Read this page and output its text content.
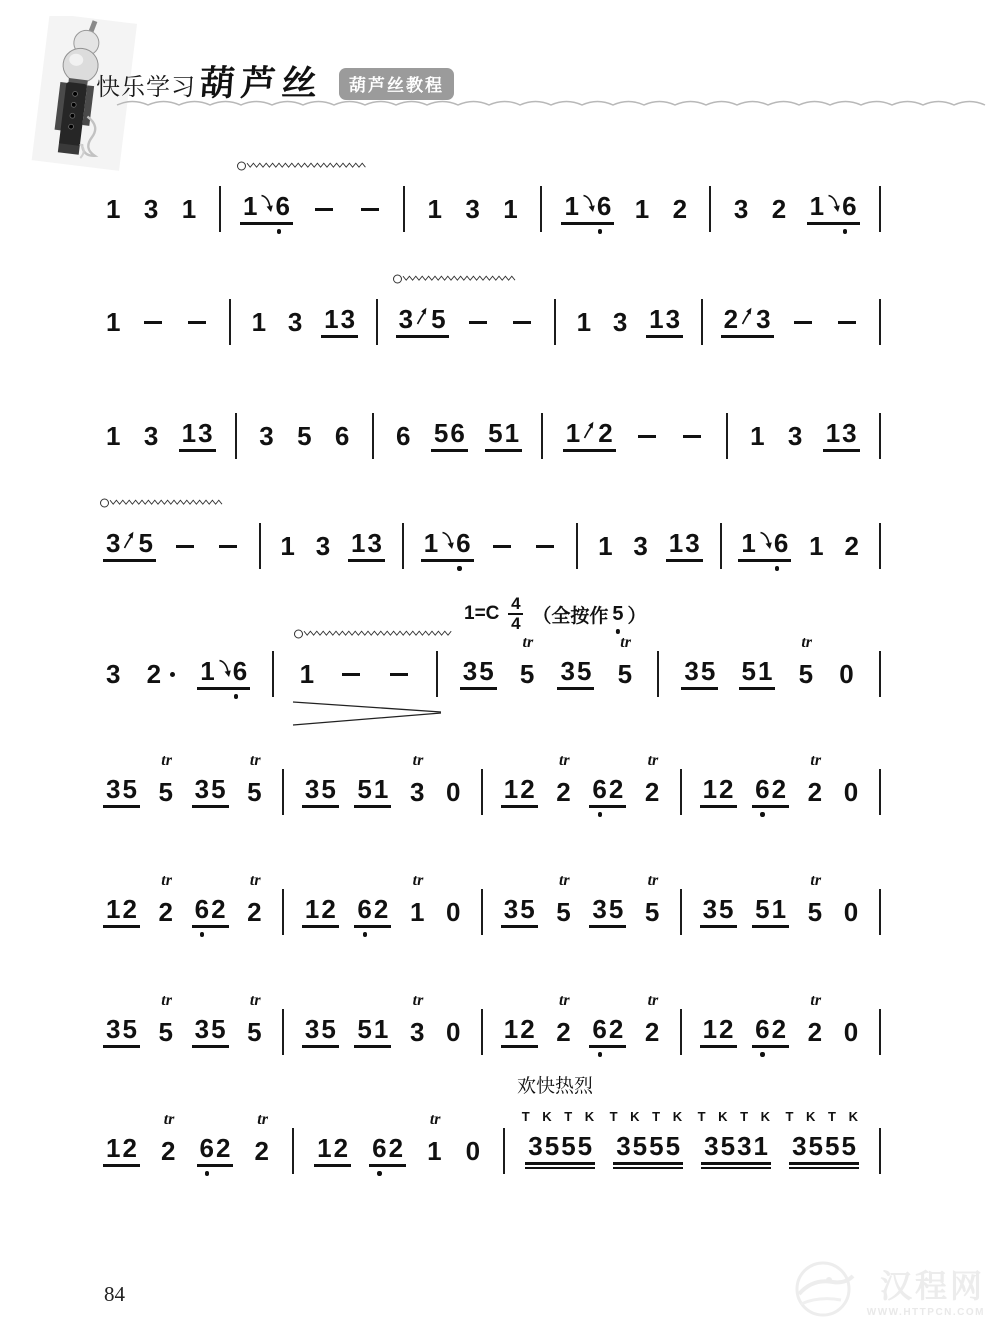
快乐学习 葫芦丝	葫芦丝教程
$1=C \frac{4}{4}$ （全按作 5 ）
1 3 1 1 6	1 3 1 1 6 1 2 3 2 1 6
1	1 3 1 3 3 5	1 3 1 3 2 3
1 3 1 3 3 5 6 6 5 6 5 1 1 2	1 3 1 3
3 5	1 3 1 3 1 6	1 3 1 3 1 6 1 2
3 2 1 6 1	3 5
tr
5 3 5
tr
5 3 5 5 1
tr
5 0
3 5
tr
5 3 5
tr
5 3 5 5 1
tr
3 0 1 2
tr
2 6 2
tr
2 1 2 6 2
tr
2 0
1 2
tr
2 6 2
tr
2 1 2 6 2
tr
1 0 3 5
tr
5 3 5
tr
5 3 5 5 1
tr
5 0
3 5
tr
5 3 5
tr
5 3 5 5 1
tr
3 0 1 2
tr
2 6 2
tr
2 1 2 6 2
tr
2 0
欢快热烈
1 2
tr
2 6 2
tr
2 1 2 6 2
tr
1 0
T K T K
3 5 5 5
T K T K
3 5 5 5
T K T K
3 5 3 1
T K T K
3 5 5 5
84	汉程网
WWW.HTTPCN.COM
